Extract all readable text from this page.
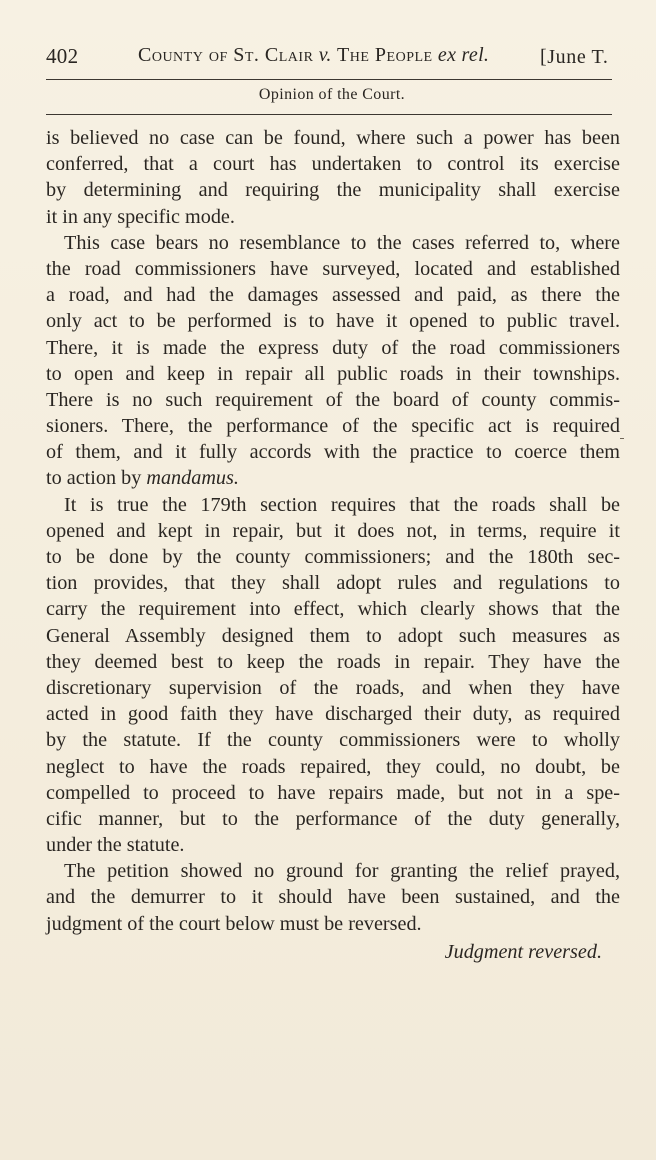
402	County of St. Clair v. The People ex rel.	[June T.
Opinion of the Court.
is believed no case can be found, where such a power has been
conferred, that a court has undertaken to control its exercise
by determining and requiring the municipality shall exercise
it in any specific mode.
This case bears no resemblance to the cases referred to, where
the road commissioners have surveyed, located and established
a road, and had the damages assessed and paid, as there the
only act to be performed is to have it opened to public travel.
There, it is made the express duty of the road commissioners
to open and keep in repair all public roads in their townships.
There is no such requirement of the board of county commis-
sioners. There, the performance of the specific act is required
of them, and it fully accords with the practice to coerce them
to action by mandamus.
It is true the 179th section requires that the roads shall be
opened and kept in repair, but it does not, in terms, require it
to be done by the county commissioners; and the 180th sec-
tion provides, that they shall adopt rules and regulations to
carry the requirement into effect, which clearly shows that the
General Assembly designed them to adopt such measures as
they deemed best to keep the roads in repair. They have the
discretionary supervision of the roads, and when they have
acted in good faith they have discharged their duty, as required
by the statute. If the county commissioners were to wholly
neglect to have the roads repaired, they could, no doubt, be
compelled to proceed to have repairs made, but not in a spe-
cific manner, but to the performance of the duty generally,
under the statute.
The petition showed no ground for granting the relief prayed,
and the demurrer to it should have been sustained, and the
judgment of the court below must be reversed.
Judgment reversed.
